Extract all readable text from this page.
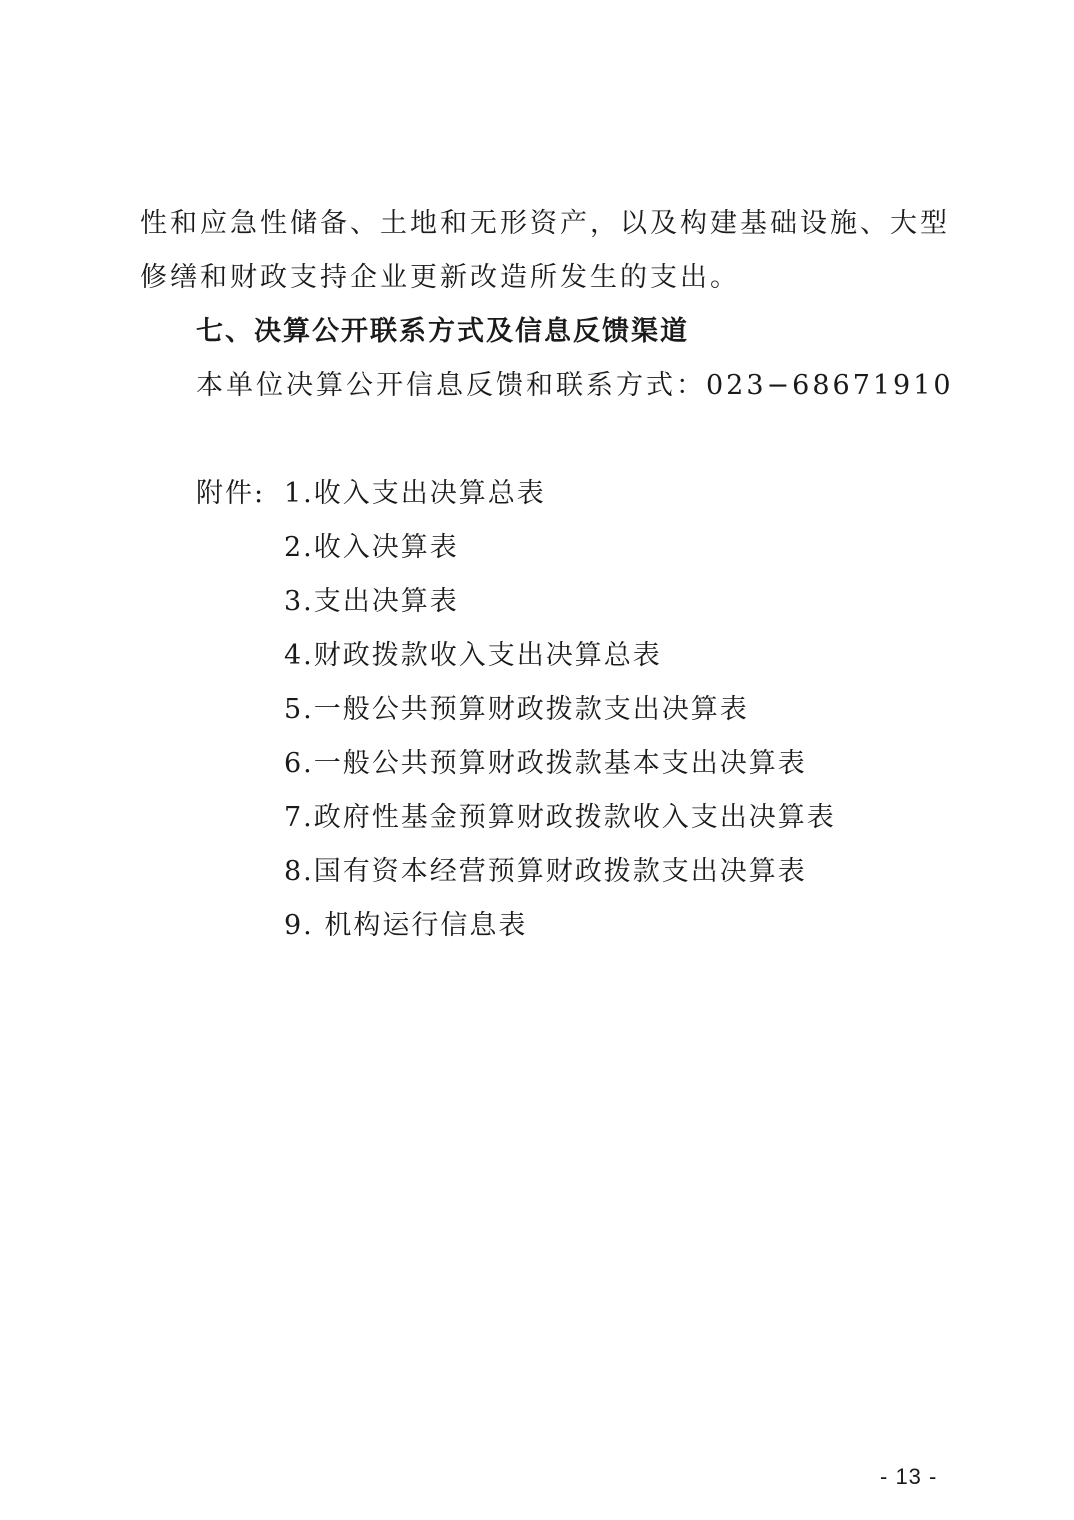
性和应急性储备、土地和无形资产，以及构建基础设施、大型
修缮和财政支持企业更新改造所发生的支出。
七、决算公开联系方式及信息反馈渠道
本单位决算公开信息反馈和联系方式：023−68671910
附件: 1.收入支出决算总表
2.收入决算表
3.支出决算表
4.财政拨款收入支出决算总表
5.一般公共预算财政拨款支出决算表
6.一般公共预算财政拨款基本支出决算表
7.政府性基金预算财政拨款收入支出决算表
8.国有资本经营预算财政拨款支出决算表
9. 机构运行信息表
- 13 -
